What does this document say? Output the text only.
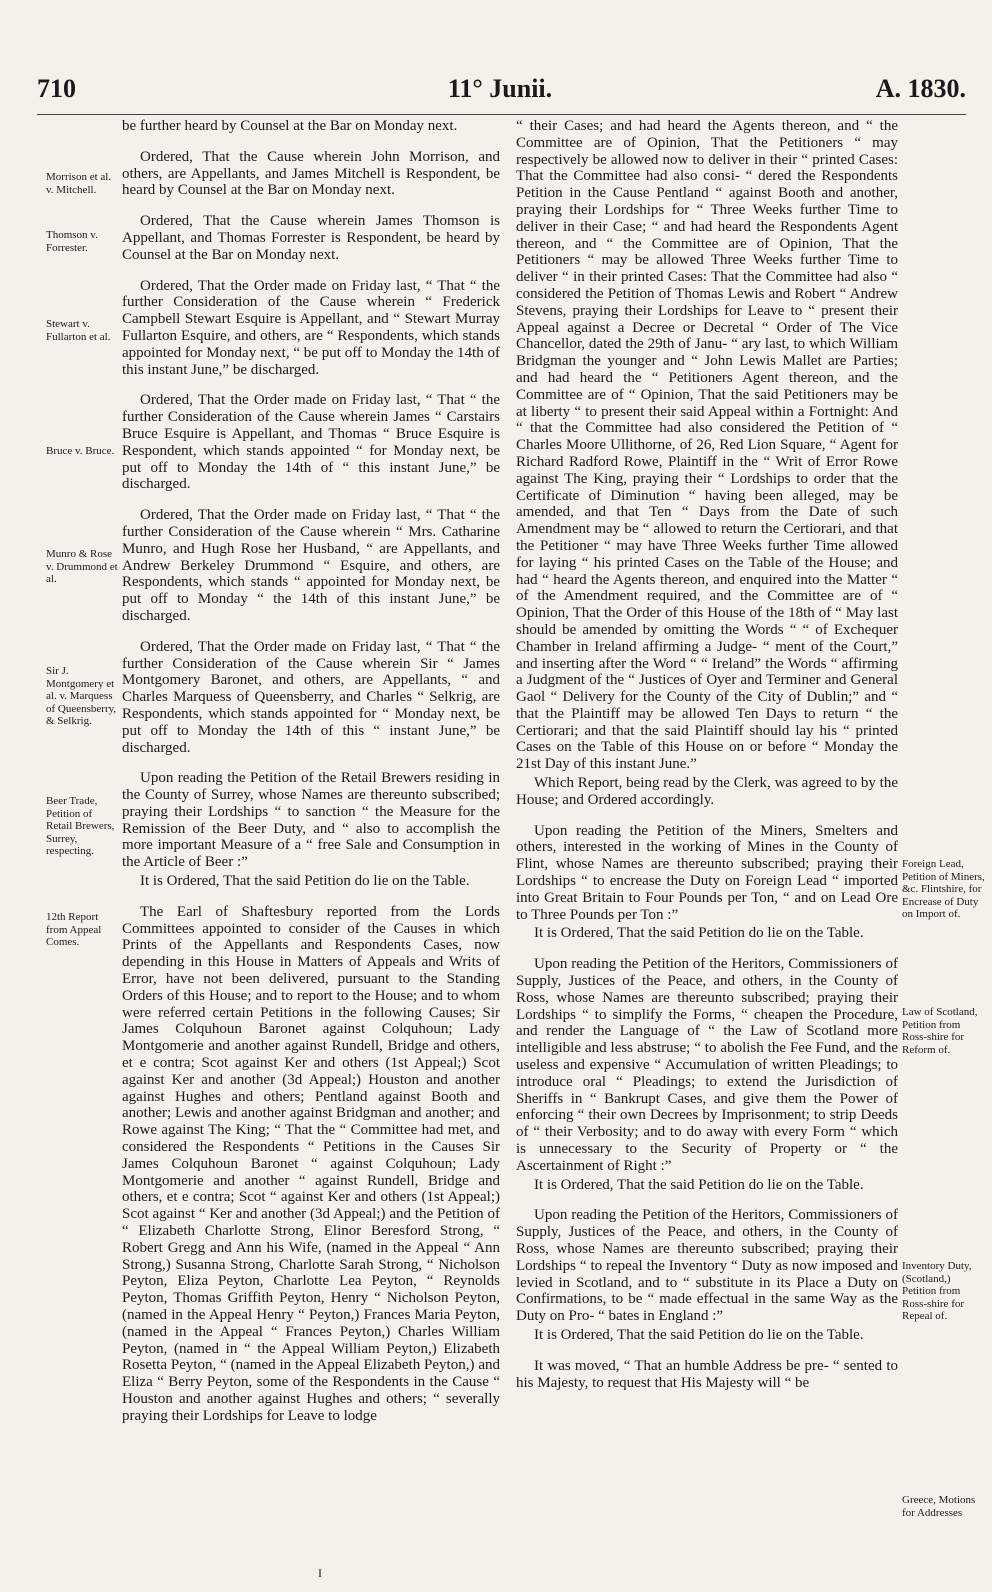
710	11° Junii.	A. 1830.

be further heard by Counsel at the Bar on Monday next.

Ordered, That the Cause wherein John Morrison, and others, are Appellants, and James Mitchell is Respondent, be heard by Counsel at the Bar on Monday next.

Ordered, That the Cause wherein James Thomson is Appellant, and Thomas Forrester is Respondent, be heard by Counsel at the Bar on Monday next.

Ordered, That the Order made on Friday last, “ That “ the further Consideration of the Cause wherein “ Frederick Campbell Stewart Esquire is Appellant, and “ Stewart Murray Fullarton Esquire, and others, are “ Respondents, which stands appointed for Monday next, “ be put off to Monday the 14th of this instant June,” be discharged.

Ordered, That the Order made on Friday last, “ That “ the further Consideration of the Cause wherein James “ Carstairs Bruce Esquire is Appellant, and Thomas “ Bruce Esquire is Respondent, which stands appointed “ for Monday next, be put off to Monday the 14th of “ this instant June,” be discharged.

Ordered, That the Order made on Friday last, “ That “ the further Consideration of the Cause wherein “ Mrs. Catharine Munro, and Hugh Rose her Husband, “ are Appellants, and Andrew Berkeley Drummond “ Esquire, and others, are Respondents, which stands “ appointed for Monday next, be put off to Monday “ the 14th of this instant June,” be discharged.

Ordered, That the Order made on Friday last, “ That “ the further Consideration of the Cause wherein Sir “ James Montgomery Baronet, and others, are Appellants, “ and Charles Marquess of Queensberry, and Charles “ Selkrig, are Respondents, which stands appointed for “ Monday next, be put off to Monday the 14th of this “ instant June,” be discharged.

Upon reading the Petition of the Retail Brewers residing in the County of Surrey, whose Names are thereunto subscribed; praying their Lordships “ to sanction “ the Measure for the Remission of the Beer Duty, and “ also to accomplish the more important Measure of a “ free Sale and Consumption in the Article of Beer :”

It is Ordered, That the said Petition do lie on the Table.

The Earl of Shaftesbury reported from the Lords Committees appointed to consider of the Causes in which Prints of the Appellants and Respondents Cases, now depending in this House in Matters of Appeals and Writs of Error, have not been delivered, pursuant to the Standing Orders of this House; and to report to the House; and to whom were referred certain Petitions in the following Causes; Sir James Colquhoun Baronet against Colquhoun; Lady Montgomerie and another against Rundell, Bridge and others, et e contra; Scot against Ker and others (1st Appeal;) Scot against Ker and another (3d Appeal;) Houston and another against Hughes and others; Pentland against Booth and another; Lewis and another against Bridgman and another; and Rowe against The King; “ That the “ Committee had met, and considered the Respondents “ Petitions in the Causes Sir James Colquhoun Baronet “ against Colquhoun; Lady Montgomerie and another “ against Rundell, Bridge and others, et e contra; Scot “ against Ker and others (1st Appeal;) Scot against “ Ker and another (3d Appeal;) and the Petition of “ Elizabeth Charlotte Strong, Elinor Beresford Strong, “ Robert Gregg and Ann his Wife, (named in the Appeal “ Ann Strong,) Susanna Strong, Charlotte Sarah Strong, “ Nicholson Peyton, Eliza Peyton, Charlotte Lea Peyton, “ Reynolds Peyton, Thomas Griffith Peyton, Henry “ Nicholson Peyton, (named in the Appeal Henry “ Peyton,) Frances Maria Peyton, (named in the Appeal “ Frances Peyton,) Charles William Peyton, (named in “ the Appeal William Peyton,) Elizabeth Rosetta Peyton, “ (named in the Appeal Elizabeth Peyton,) and Eliza “ Berry Peyton, some of the Respondents in the Cause “ Houston and another against Hughes and others; “ severally praying their Lordships for Leave to lodge

“ their Cases; and had heard the Agents thereon, and “ the Committee are of Opinion, That the Petitioners “ may respectively be allowed now to deliver in their “ printed Cases: That the Committee had also consi- “ dered the Respondents Petition in the Cause Pentland “ against Booth and another, praying their Lordships for “ Three Weeks further Time to deliver in their Case; “ and had heard the Respondents Agent thereon, and “ the Committee are of Opinion, That the Petitioners “ may be allowed Three Weeks further Time to deliver “ in their printed Cases: That the Committee had also “ considered the Petition of Thomas Lewis and Robert “ Andrew Stevens, praying their Lordships for Leave to “ present their Appeal against a Decree or Decretal “ Order of The Vice Chancellor, dated the 29th of Janu- “ ary last, to which William Bridgman the younger and “ John Lewis Mallet are Parties; and had heard the “ Petitioners Agent thereon, and the Committee are of “ Opinion, That the said Petitioners may be at liberty “ to present their said Appeal within a Fortnight: And “ that the Committee had also considered the Petition of “ Charles Moore Ullithorne, of 26, Red Lion Square, “ Agent for Richard Radford Rowe, Plaintiff in the “ Writ of Error Rowe against The King, praying their “ Lordships to order that the Certificate of Diminution “ having been alleged, may be amended, and that Ten “ Days from the Date of such Amendment may be “ allowed to return the Certiorari, and that the Petitioner “ may have Three Weeks further Time allowed for laying “ his printed Cases on the Table of the House; and had “ heard the Agents thereon, and enquired into the Matter “ of the Amendment required, and the Committee are of “ Opinion, That the Order of this House of the 18th of “ May last should be amended by omitting the Words “ “ of Exchequer Chamber in Ireland affirming a Judge- “ ment of the Court,” and inserting after the Word “ “ Ireland” the Words “ affirming a Judgment of the “ Justices of Oyer and Terminer and General Gaol “ Delivery for the County of the City of Dublin;” and “ that the Plaintiff may be allowed Ten Days to return “ the Certiorari; and that the said Plaintiff should lay his “ printed Cases on the Table of this House on or before “ Monday the 21st Day of this instant June.”

Which Report, being read by the Clerk, was agreed to by the House; and Ordered accordingly.

Upon reading the Petition of the Miners, Smelters and others, interested in the working of Mines in the County of Flint, whose Names are thereunto subscribed; praying their Lordships “ to encrease the Duty on Foreign Lead “ imported into Great Britain to Four Pounds per Ton, “ and on Lead Ore to Three Pounds per Ton :”

It is Ordered, That the said Petition do lie on the Table.

Upon reading the Petition of the Heritors, Commissioners of Supply, Justices of the Peace, and others, in the County of Ross, whose Names are thereunto subscribed; praying their Lordships “ to simplify the Forms, “ cheapen the Procedure, and render the Language of “ the Law of Scotland more intelligible and less abstruse; “ to abolish the Fee Fund, and the useless and expensive “ Accumulation of written Pleadings; to introduce oral “ Pleadings; to extend the Jurisdiction of Sheriffs in “ Bankrupt Cases, and give them the Power of enforcing “ their own Decrees by Imprisonment; to strip Deeds of “ their Verbosity; and to do away with every Form “ which is unnecessary to the Security of Property or “ the Ascertainment of Right :”

It is Ordered, That the said Petition do lie on the Table.

Upon reading the Petition of the Heritors, Commissioners of Supply, Justices of the Peace, and others, in the County of Ross, whose Names are thereunto subscribed; praying their Lordships “ to repeal the Inventory “ Duty as now imposed and levied in Scotland, and to “ substitute in its Place a Duty on Confirmations, to be “ made effectual in the same Way as the Duty on Pro- “ bates in England :”

It is Ordered, That the said Petition do lie on the Table.

It was moved, “ That an humble Address be pre- “ sented to his Majesty, to request that His Majesty will “ be

Morrison et al. v. Mitchell.
Thomson v. Forrester.
Stewart v. Fullarton et al.
Bruce v. Bruce.
Munro & Rose v. Drummond et al.
Sir J. Montgomery et al. v. Marquess of Queensberry, & Selkrig.
Beer Trade, Petition of Retail Brewers, Surrey, respecting.
12th Report from Appeal Comes.
Foreign Lead, Petition of Miners, &c. Flintshire, for Encrease of Duty on Import of.
Law of Scotland, Petition from Ross-shire for Reform of.
Inventory Duty, (Scotland,) Petition from Ross-shire for Repeal of.
Greece, Motions for Addresses
I
